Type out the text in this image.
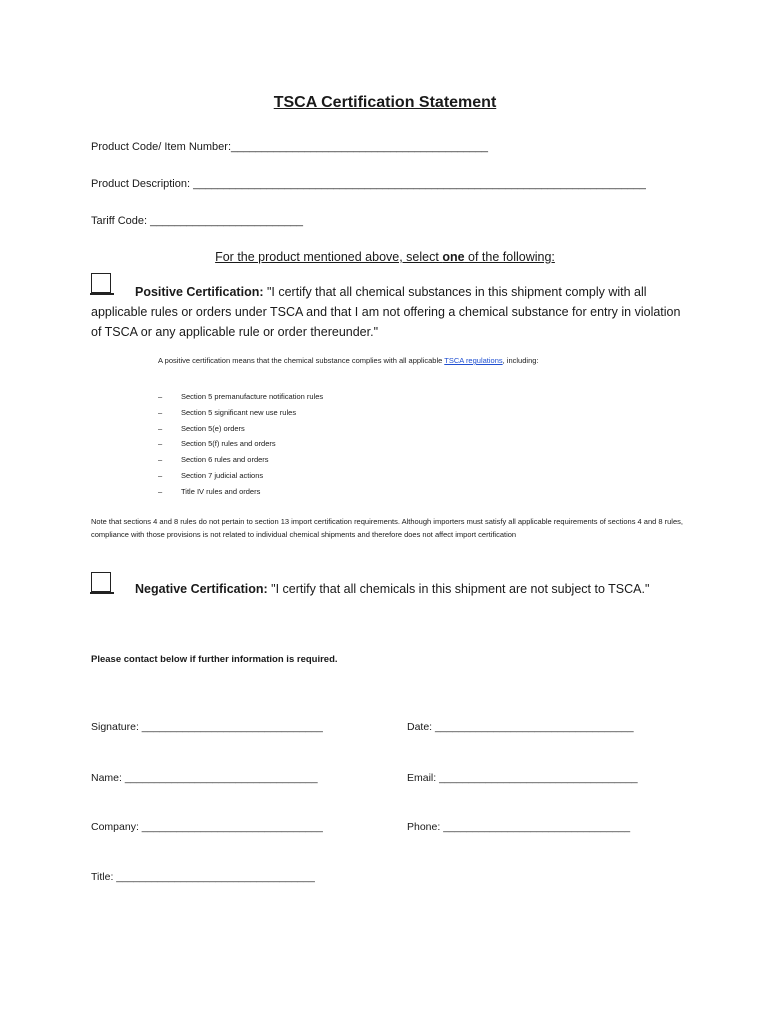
TSCA Certification Statement
Product Code/ Item Number:__________________________________________
Product Description: __________________________________________________________________________
Tariff Code: _________________________
For the product mentioned above, select one of the following:
Positive Certification: "I certify that all chemical substances in this shipment comply with all applicable rules or orders under TSCA and that I am not offering a chemical substance for entry in violation of TSCA or any applicable rule or order thereunder."
A positive certification means that the chemical substance complies with all applicable TSCA regulations, including:
–	Section 5 premanufacture notification rules
–	Section 5 significant new use rules
–	Section 5(e) orders
–	Section 5(f) rules and orders
–	Section 6 rules and orders
–	Section 7 judicial actions
–	Title IV rules and orders
Note that sections 4 and 8 rules do not pertain to section 13 import certification requirements. Although importers must satisfy all applicable requirements of sections 4 and 8 rules, compliance with those provisions is not related to individual chemical shipments and therefore does not affect import certification
Negative Certification: "I certify that all chemicals in this shipment are not subject to TSCA."
Please contact below if further information is required.
Signature: _______________________________	Date: __________________________________
Name: _________________________________	Email: __________________________________
Company: _______________________________	Phone: ________________________________
Title: __________________________________
